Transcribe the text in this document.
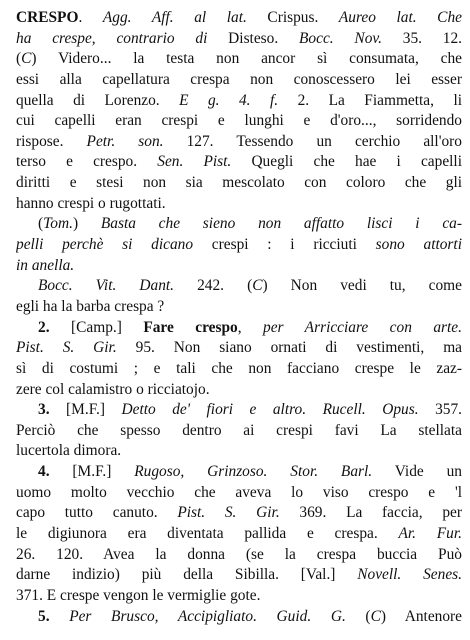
CRESPO. Agg. Aff. al lat. Crispus. Aureo lat. Che
ha crespe, contrario di Disteso. Bocc. Nov. 35. 12.
(C) Videro... la testa non ancor sì consumata, che
essi alla capellatura crespa non conoscessero lei esser
quella di Lorenzo. E g. 4. f. 2. La Fiammetta, li
cui capelli eran crespi e lunghi e d'oro..., sorridendo
rispose. Petr. son. 127. Tessendo un cerchio all'oro
terso e crespo. Sen. Pist. Quegli che hae i capelli
diritti e stesi non sia mescolato con coloro che gli
hanno crespi o rugottati.
(Tom.) Basta che sieno non affatto lisci i ca-
pelli perchè si dicano crespi : i ricciuti sono attorti
in anella.
Bocc. Vit. Dant. 242. (C) Non vedi tu, come
egli ha la barba crespa ?
2. [Camp.] Fare crespo, per Arricciare con arte.
Pist. S. Gir. 95. Non siano ornati di vestimenti, ma
sì di costumi ; e tali che non facciano crespe le zaz-
zere col calamistro o ricciatojo.
3. [M.F.] Detto de' fiori e altro. Rucell. Opus. 357.
Perciò che spesso dentro ai crespi favi La stellata
lucertola dimora.
4. [M.F.] Rugoso, Grinzoso. Stor. Barl. Vide un
uomo molto vecchio che aveva lo viso crespo e 'l
capo tutto canuto. Pist. S. Gir. 369. La faccia, per
le digiunora era diventata pallida e crespa. Ar. Fur.
26. 120. Avea la donna (se la crespa buccia Può
darne indizio) più della Sibilla. [Val.] Novell. Senes.
371. E crespe vengon le vermiglie gote.
5. Per Brusco, Accipigliato. Guid. G. (C) Antenore
